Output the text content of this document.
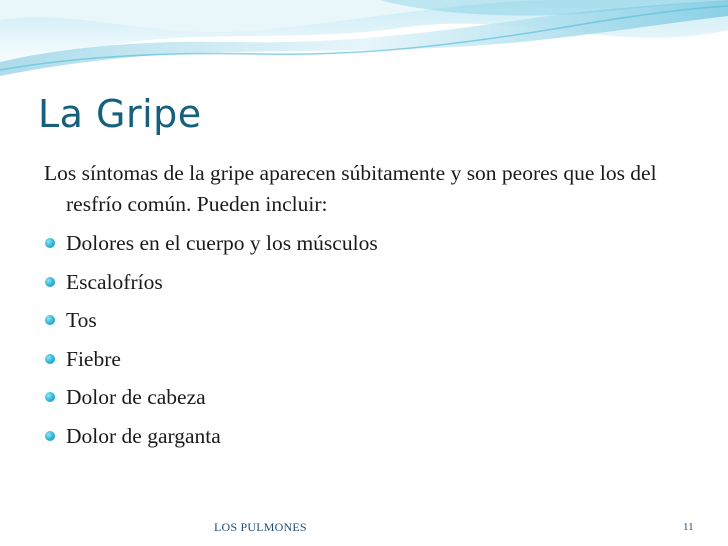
La Gripe

Los síntomas de la gripe aparecen súbitamente y son peores que los del resfrío común. Pueden incluir:

Dolores en el cuerpo y los músculos
Escalofríos
Tos
Fiebre
Dolor de cabeza
Dolor de garganta
LOS PULMONES	11
